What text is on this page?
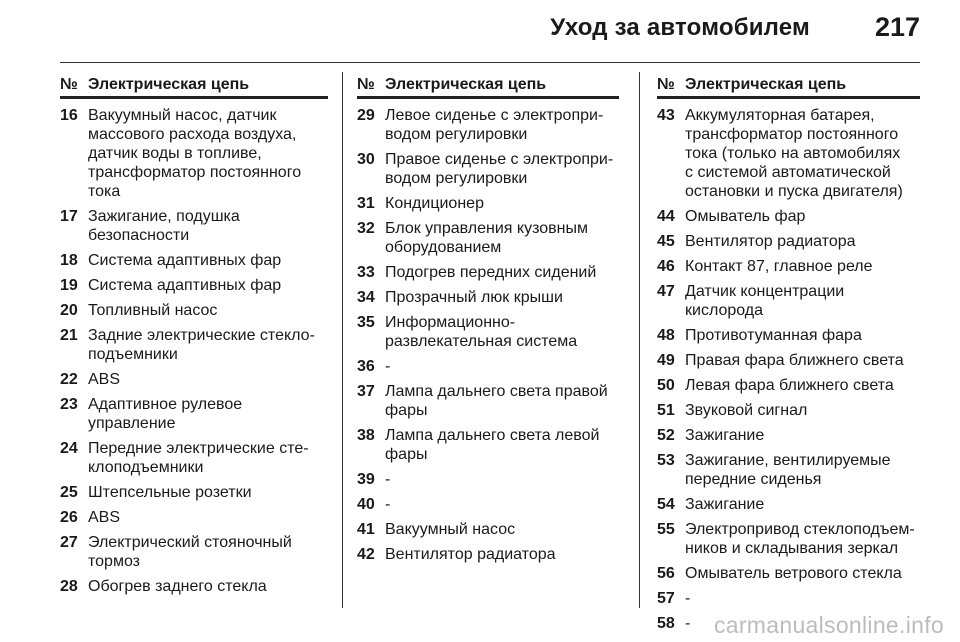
Уход за автомобилем 217
№ Электрическая цепь
16 Вакуумный насос, датчик
массового расхода воздуха,
датчик воды в топливе,
трансформатор постоянного
тока
17 Зажигание, подушка
безопасности
18 Система адаптивных фар
19 Система адаптивных фар
20 Топливный насос
21 Задние электрические стекло-
подъемники
22 ABS
23 Адаптивное рулевое
управление
24 Передние электрические сте-
клоподъемники
25 Штепсельные розетки
26 ABS
27 Электрический стояночный
тормоз
28 Обогрев заднего стекла
№ Электрическая цепь
29 Левое сиденье с электропри-
водом регулировки
30 Правое сиденье с электропри-
водом регулировки
31 Кондиционер
32 Блок управления кузовным
оборудованием
33 Подогрев передних сидений
34 Прозрачный люк крыши
35 Информационно-
развлекательная система
36 -
37 Лампа дальнего света правой
фары
38 Лампа дальнего света левой
фары
39 -
40 -
41 Вакуумный насос
42 Вентилятор радиатора
№ Электрическая цепь
43 Аккумуляторная батарея,
трансформатор постоянного
тока (только на автомобилях
с системой автоматической
остановки и пуска двигателя)
44 Омыватель фар
45 Вентилятор радиатора
46 Контакт 87, главное реле
47 Датчик концентрации
кислорода
48 Противотуманная фара
49 Правая фара ближнего света
50 Левая фара ближнего света
51 Звуковой сигнал
52 Зажигание
53 Зажигание, вентилируемые
передние сиденья
54 Зажигание
55 Электропривод стеклоподъем-
ников и складывания зеркал
56 Омыватель ветрового стекла
57 -
58 -	carmanualsonline.info
